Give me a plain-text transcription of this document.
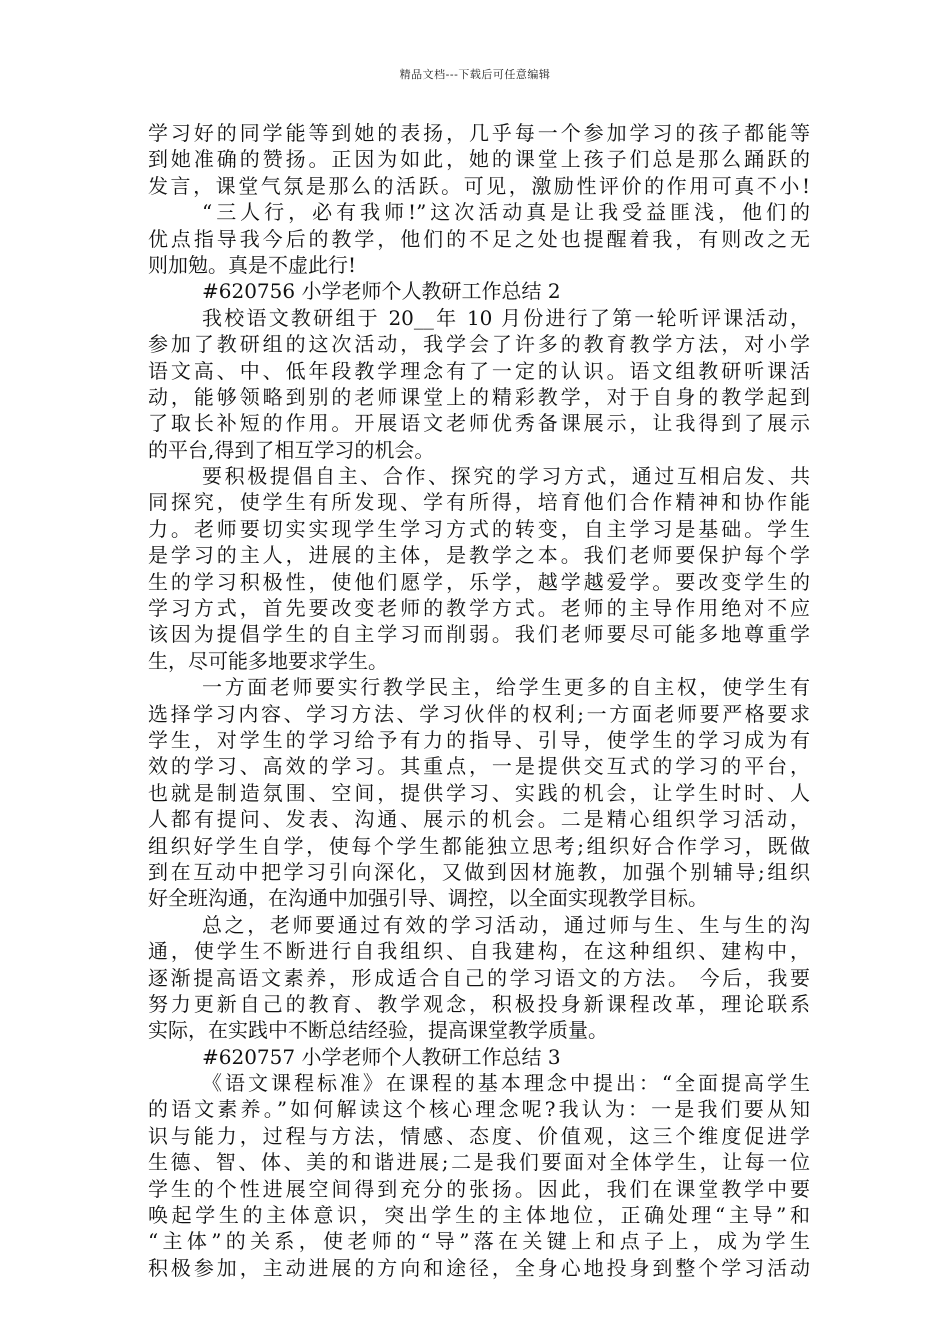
精品文档---下载后可任意编辑
学习好的同学能等到她的表扬，几乎每一个参加学习的孩子都能等
到她准确的赞扬。正因为如此，她的课堂上孩子们总是那么踊跃的
发言，课堂气氛是那么的活跃。可见，激励性评价的作用可真不小!
“三人行，必有我师!”这次活动真是让我受益匪浅，他们的
优点指导我今后的教学，他们的不足之处也提醒着我，有则改之无
则加勉。真是不虚此行!
#620756 小学老师个人教研工作总结 2
我校语文教研组于 20__年 10 月份进行了第一轮听评课活动，
参加了教研组的这次活动，我学会了许多的教育教学方法，对小学
语文高、中、低年段教学理念有了一定的认识。语文组教研听课活
动，能够领略到别的老师课堂上的精彩教学，对于自身的教学起到
了取长补短的作用。开展语文老师优秀备课展示，让我得到了展示
的平台,得到了相互学习的机会。
要积极提倡自主、合作、探究的学习方式，通过互相启发、共
同探究，使学生有所发现、学有所得，培育他们合作精神和协作能
力。老师要切实实现学生学习方式的转变，自主学习是基础。学生
是学习的主人，进展的主体，是教学之本。我们老师要保护每个学
生的学习积极性，使他们愿学，乐学，越学越爱学。要改变学生的
学习方式，首先要改变老师的教学方式。老师的主导作用绝对不应
该因为提倡学生的自主学习而削弱。我们老师要尽可能多地尊重学
生，尽可能多地要求学生。
一方面老师要实行教学民主，给学生更多的自主权，使学生有
选择学习内容、学习方法、学习伙伴的权利;一方面老师要严格要求
学生，对学生的学习给予有力的指导、引导，使学生的学习成为有
效的学习、高效的学习。其重点，一是提供交互式的学习的平台，
也就是制造氛围、空间，提供学习、实践的机会，让学生时时、人
人都有提问、发表、沟通、展示的机会。二是精心组织学习活动，
组织好学生自学，使每个学生都能独立思考;组织好合作学习，既做
到在互动中把学习引向深化，又做到因材施教，加强个别辅导;组织
好全班沟通，在沟通中加强引导、调控，以全面实现教学目标。
总之，老师要通过有效的学习活动，通过师与生、生与生的沟
通，使学生不断进行自我组织、自我建构，在这种组织、建构中，
逐渐提高语文素养，形成适合自己的学习语文的方法。 今后，我要
努力更新自己的教育、教学观念，积极投身新课程改革，理论联系
实际，在实践中不断总结经验，提高课堂教学质量。
#620757 小学老师个人教研工作总结 3
《语文课程标准》在课程的基本理念中提出：“全面提高学生
的语文素养。”如何解读这个核心理念呢?我认为：一是我们要从知
识与能力，过程与方法，情感、态度、价值观，这三个维度促进学
生德、智、体、美的和谐进展;二是我们要面对全体学生，让每一位
学生的个性进展空间得到充分的张扬。因此，我们在课堂教学中要
唤起学生的主体意识，突出学生的主体地位，正确处理“主导”和
“主体”的关系，使老师的“导”落在关键上和点子上，成为学生
积极参加，主动进展的方向和途径，全身心地投身到整个学习活动
